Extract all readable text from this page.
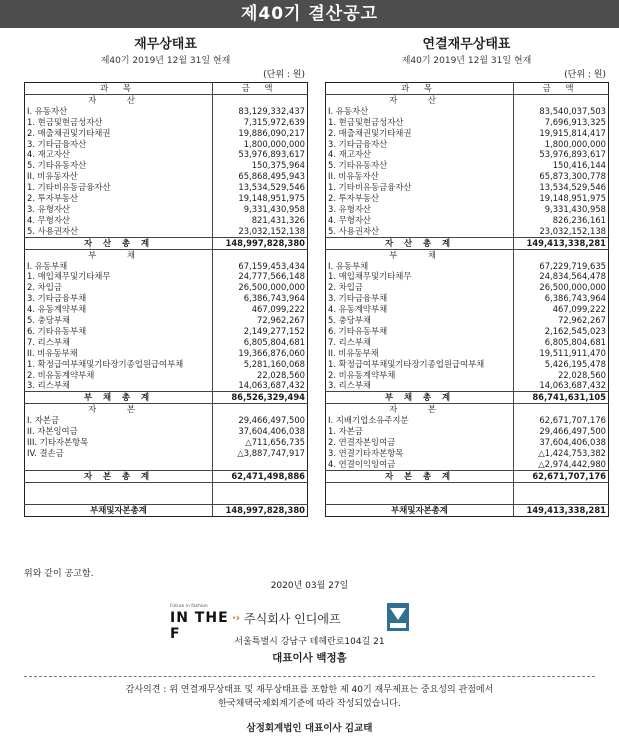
제40기 결산공고
재무상태표
제40기 2019년 12월 31일 현재
(단위 : 원)
과 목	금 액
자 산	
I. 유동자산	83,129,332,437
1. 현금및현금성자산	7,315,972,639
2. 매출채권및기타채권	19,886,090,217
3. 기타금융자산	1,800,000,000
4. 재고자산	53,976,893,617
5. 기타유동자산	150,375,964
II. 비유동자산	65,868,495,943
1. 기타비유동금융자산	13,534,529,546
2. 투자부동산	19,148,951,975
3. 유형자산	9,331,430,958
4. 무형자산	821,431,326
5. 사용권자산	23,032,152,138
자 산 총 계	148,997,828,380
부 채	
I. 유동부채	67,159,453,434
1. 매입채무및기타채무	24,777,566,148
2. 차입금	26,500,000,000
3. 기타금융부채	6,386,743,964
4. 유동계약부채	467,099,222
5. 충당부채	72,962,267
6. 기타유동부채	2,149,277,152
7. 리스부채	6,805,804,681
II. 비유동부채	19,366,876,060
1. 확정급여부채및기타장기종업원급여부채	5,281,160,068
2. 비유동계약부채	22,028,560
3. 리스부채	14,063,687,432
부 채 총 계	86,526,329,494
자 본	
I. 자본금	29,466,497,500
II. 자본잉여금	37,604,406,038
III. 기타자본항목	△711,656,735
IV. 결손금	△3,887,747,917

자 본 총 계	62,471,498,886

부채및자본총계	148,997,828,380
연결재무상태표
제40기 2019년 12월 31일 현재
(단위 : 원)
과 목	금 액
자 산	
I. 유동자산	83,540,037,503
1. 현금및현금성자산	7,696,913,325
2. 매출채권및기타채권	19,915,814,417
3. 기타금융자산	1,800,000,000
4. 재고자산	53,976,893,617
5. 기타유동자산	150,416,144
II. 비유동자산	65,873,300,778
1. 기타비유동금융자산	13,534,529,546
2. 투자부동산	19,148,951,975
3. 유형자산	9,331,430,958
4. 무형자산	826,236,161
5. 사용권자산	23,032,152,138
자 산 총 계	149,413,338,281
부 채	
I. 유동부채	67,229,719,635
1. 매입채무및기타채무	24,834,564,478
2. 차입금	26,500,000,000
3. 기타금융부채	6,386,743,964
4. 유동계약부채	467,099,222
5. 충당부채	72,962,267
6. 기타유동부채	2,162,545,023
7. 리스부채	6,805,804,681
II. 비유동부채	19,511,911,470
1. 확정급여부채및기타장기종업원급여부채	5,426,195,478
2. 비유동계약부채	22,028,560
3. 리스부채	14,063,687,432
부 채 총 계	86,741,631,105
자 본	
I. 지배기업소유주지분	62,671,707,176
1. 자본금	29,466,497,500
2. 연결자본잉여금	37,604,406,038
3. 연결기타자본항목	△1,424,753,382
4. 연결이익잉여금	△2,974,442,980
자 본 총 계	62,671,707,176

부채및자본총계	149,413,338,281
위와 같이 공고함.
2020년 03월 27일
Future in fashion
IN THE F
·› 주식회사 인디에프
서울특별시 강남구 테헤란로104길 21
대표이사 백정흠
감사의견 : 위 연결재무상태표 및 재무상태표를 포함한 제 40기 재무제표는 중요성의 관점에서
한국채택국제회계기준에 따라 작성되었습니다.
삼정회계법인 대표이사 김교태
